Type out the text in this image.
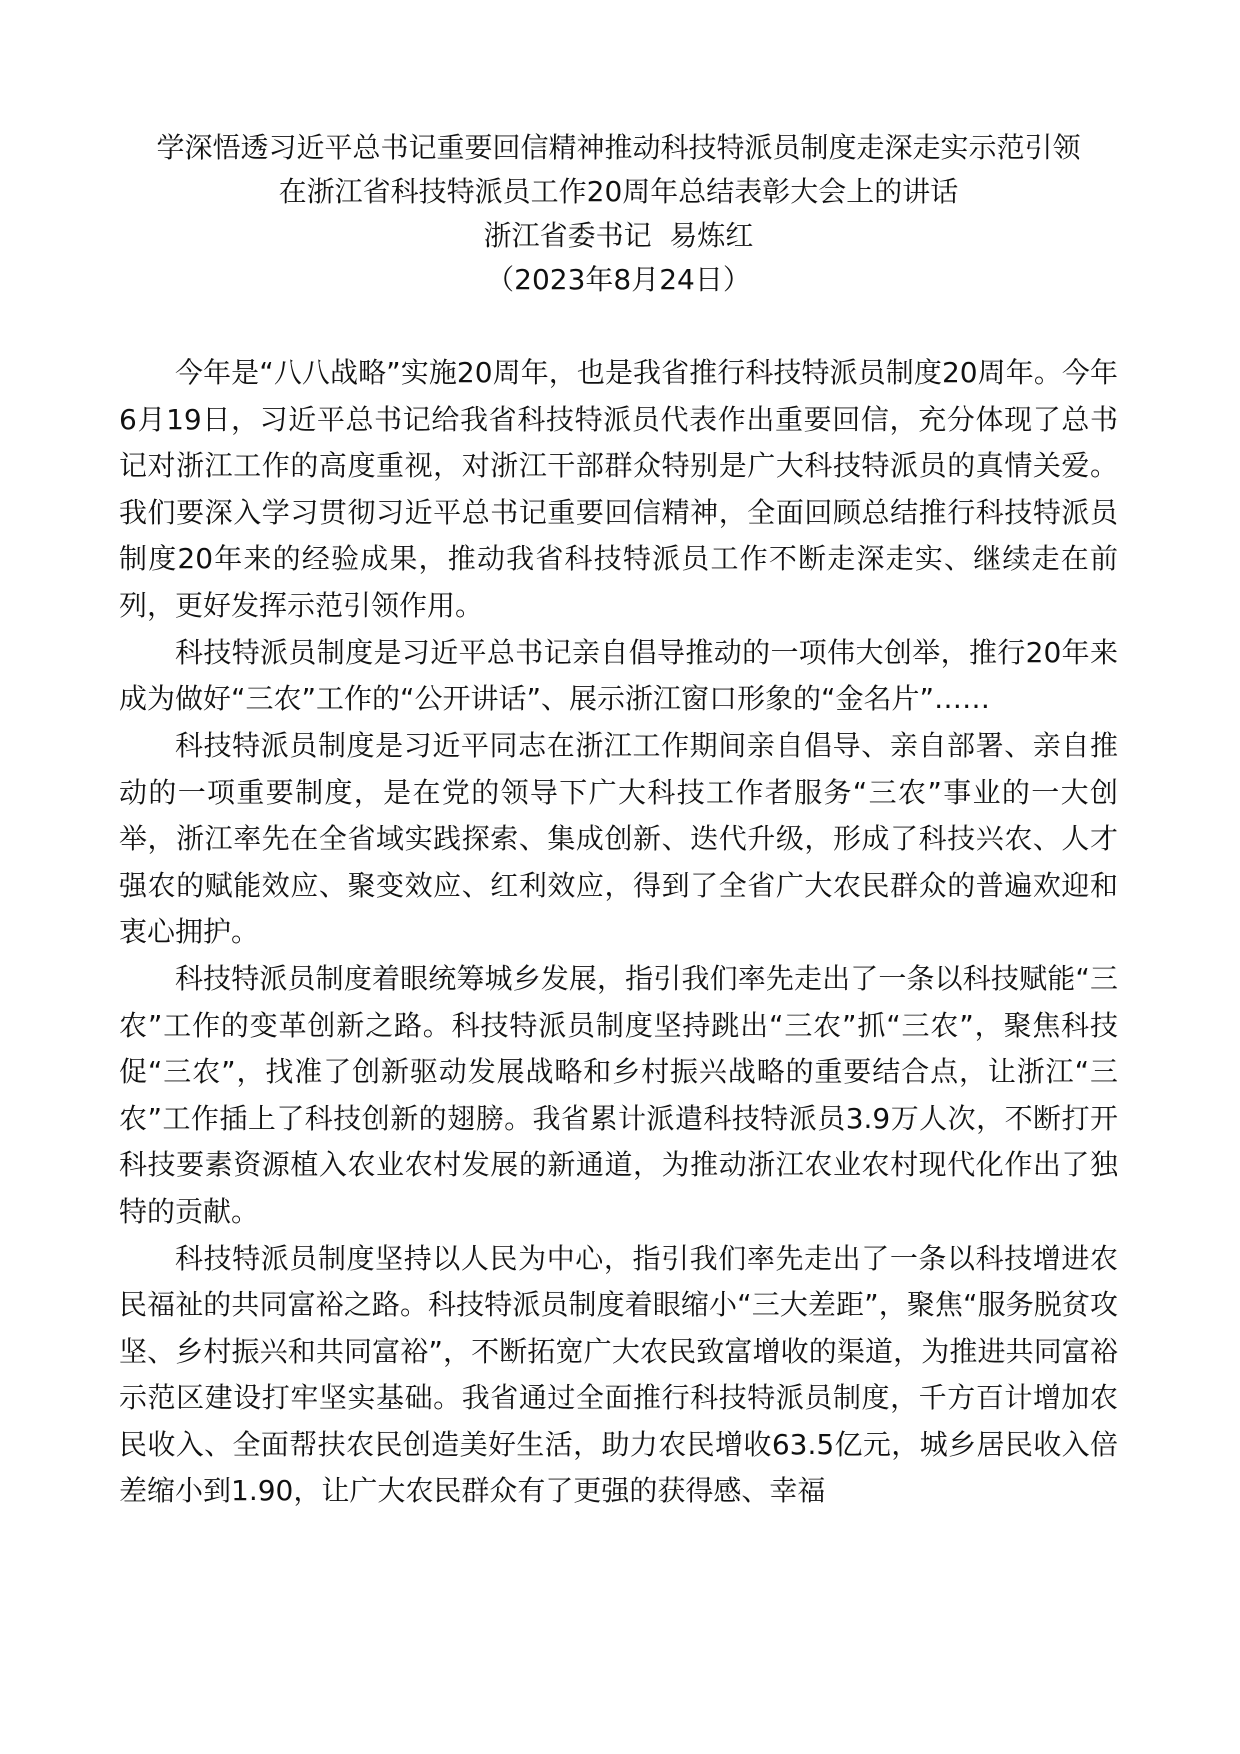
学深悟透习近平总书记重要回信精神推动科技特派员制度走深走实示范引领

在浙江省科技特派员工作20周年总结表彰大会上的讲话

浙江省委书记  易炼红

（2023年8月24日）

今年是“八八战略”实施20周年，也是我省推行科技特派员制度20周年。今年6月19日，习近平总书记给我省科技特派员代表作出重要回信，充分体现了总书记对浙江工作的高度重视，对浙江干部群众特别是广大科技特派员的真情关爱。我们要深入学习贯彻习近平总书记重要回信精神，全面回顾总结推行科技特派员制度20年来的经验成果，推动我省科技特派员工作不断走深走实、继续走在前列，更好发挥示范引领作用。

科技特派员制度是习近平总书记亲自倡导推动的一项伟大创举，推行20年来成为做好“三农”工作的“公开讲话”、展示浙江窗口形象的“金名片”……

科技特派员制度是习近平同志在浙江工作期间亲自倡导、亲自部署、亲自推动的一项重要制度，是在党的领导下广大科技工作者服务“三农”事业的一大创举，浙江率先在全省域实践探索、集成创新、迭代升级，形成了科技兴农、人才强农的赋能效应、聚变效应、红利效应，得到了全省广大农民群众的普遍欢迎和衷心拥护。

科技特派员制度着眼统筹城乡发展，指引我们率先走出了一条以科技赋能“三农”工作的变革创新之路。科技特派员制度坚持跳出“三农”抓“三农”，聚焦科技促“三农”，找准了创新驱动发展战略和乡村振兴战略的重要结合点，让浙江“三农”工作插上了科技创新的翅膀。我省累计派遣科技特派员3.9万人次，不断打开科技要素资源植入农业农村发展的新通道，为推动浙江农业农村现代化作出了独特的贡献。

科技特派员制度坚持以人民为中心，指引我们率先走出了一条以科技增进农民福祉的共同富裕之路。科技特派员制度着眼缩小“三大差距”，聚焦“服务脱贫攻坚、乡村振兴和共同富裕”，不断拓宽广大农民致富增收的渠道，为推进共同富裕示范区建设打牢坚实基础。我省通过全面推行科技特派员制度，千方百计增加农民收入、全面帮扶农民创造美好生活，助力农民增收63.5亿元，城乡居民收入倍差缩小到1.90，让广大农民群众有了更强的获得感、幸福
